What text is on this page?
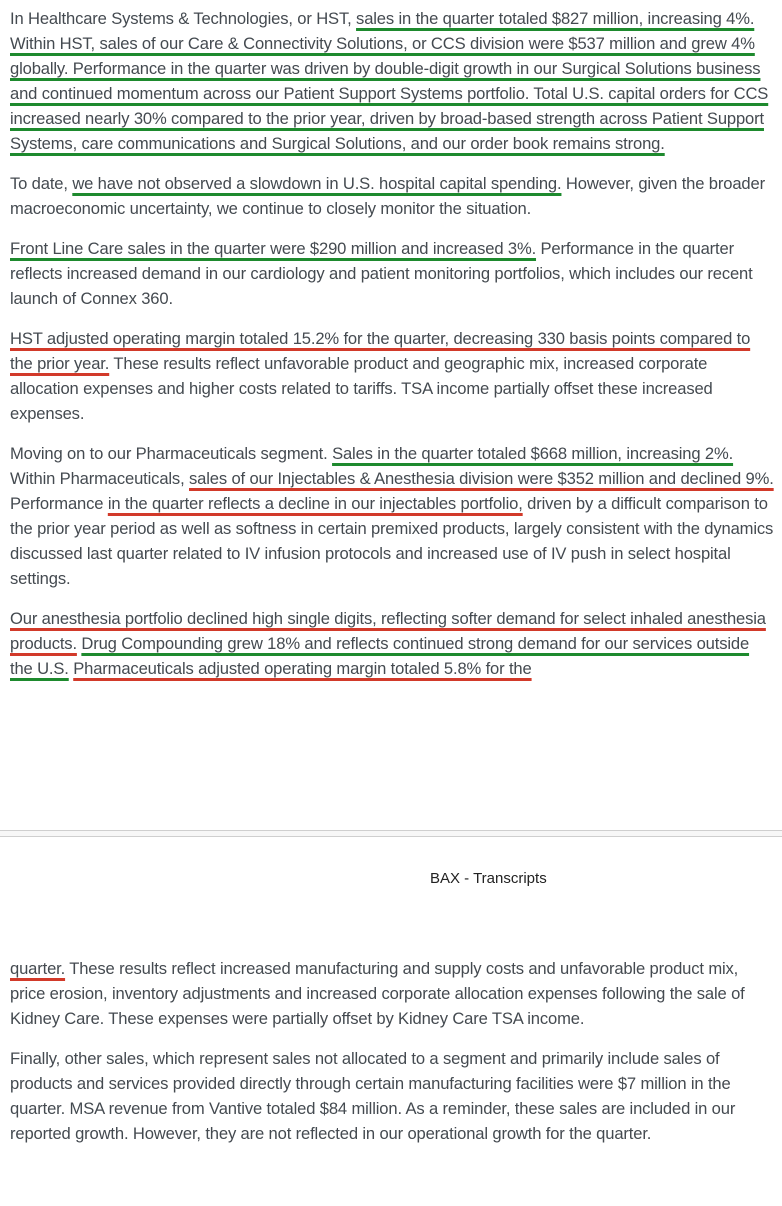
In Healthcare Systems & Technologies, or HST, sales in the quarter totaled $827 million, increasing 4%. Within HST, sales of our Care & Connectivity Solutions, or CCS division were $537 million and grew 4% globally. Performance in the quarter was driven by double-digit growth in our Surgical Solutions business and continued momentum across our Patient Support Systems portfolio. Total U.S. capital orders for CCS increased nearly 30% compared to the prior year, driven by broad-based strength across Patient Support Systems, care communications and Surgical Solutions, and our order book remains strong.

To date, we have not observed a slowdown in U.S. hospital capital spending. However, given the broader macroeconomic uncertainty, we continue to closely monitor the situation.

Front Line Care sales in the quarter were $290 million and increased 3%. Performance in the quarter reflects increased demand in our cardiology and patient monitoring portfolios, which includes our recent launch of Connex 360.

HST adjusted operating margin totaled 15.2% for the quarter, decreasing 330 basis points compared to the prior year. These results reflect unfavorable product and geographic mix, increased corporate allocation expenses and higher costs related to tariffs. TSA income partially offset these increased expenses.

Moving on to our Pharmaceuticals segment. Sales in the quarter totaled $668 million, increasing 2%. Within Pharmaceuticals, sales of our Injectables & Anesthesia division were $352 million and declined 9%. Performance in the quarter reflects a decline in our injectables portfolio, driven by a difficult comparison to the prior year period as well as softness in certain premixed products, largely consistent with the dynamics discussed last quarter related to IV infusion protocols and increased use of IV push in select hospital settings.

Our anesthesia portfolio declined high single digits, reflecting softer demand for select inhaled anesthesia products. Drug Compounding grew 18% and reflects continued strong demand for our services outside the U.S. Pharmaceuticals adjusted operating margin totaled 5.8% for the

BAX - Transcripts

quarter. These results reflect increased manufacturing and supply costs and unfavorable product mix, price erosion, inventory adjustments and increased corporate allocation expenses following the sale of Kidney Care. These expenses were partially offset by Kidney Care TSA income.

Finally, other sales, which represent sales not allocated to a segment and primarily include sales of products and services provided directly through certain manufacturing facilities were $7 million in the quarter. MSA revenue from Vantive totaled $84 million. As a reminder, these sales are included in our reported growth. However, they are not reflected in our operational growth for the quarter.
